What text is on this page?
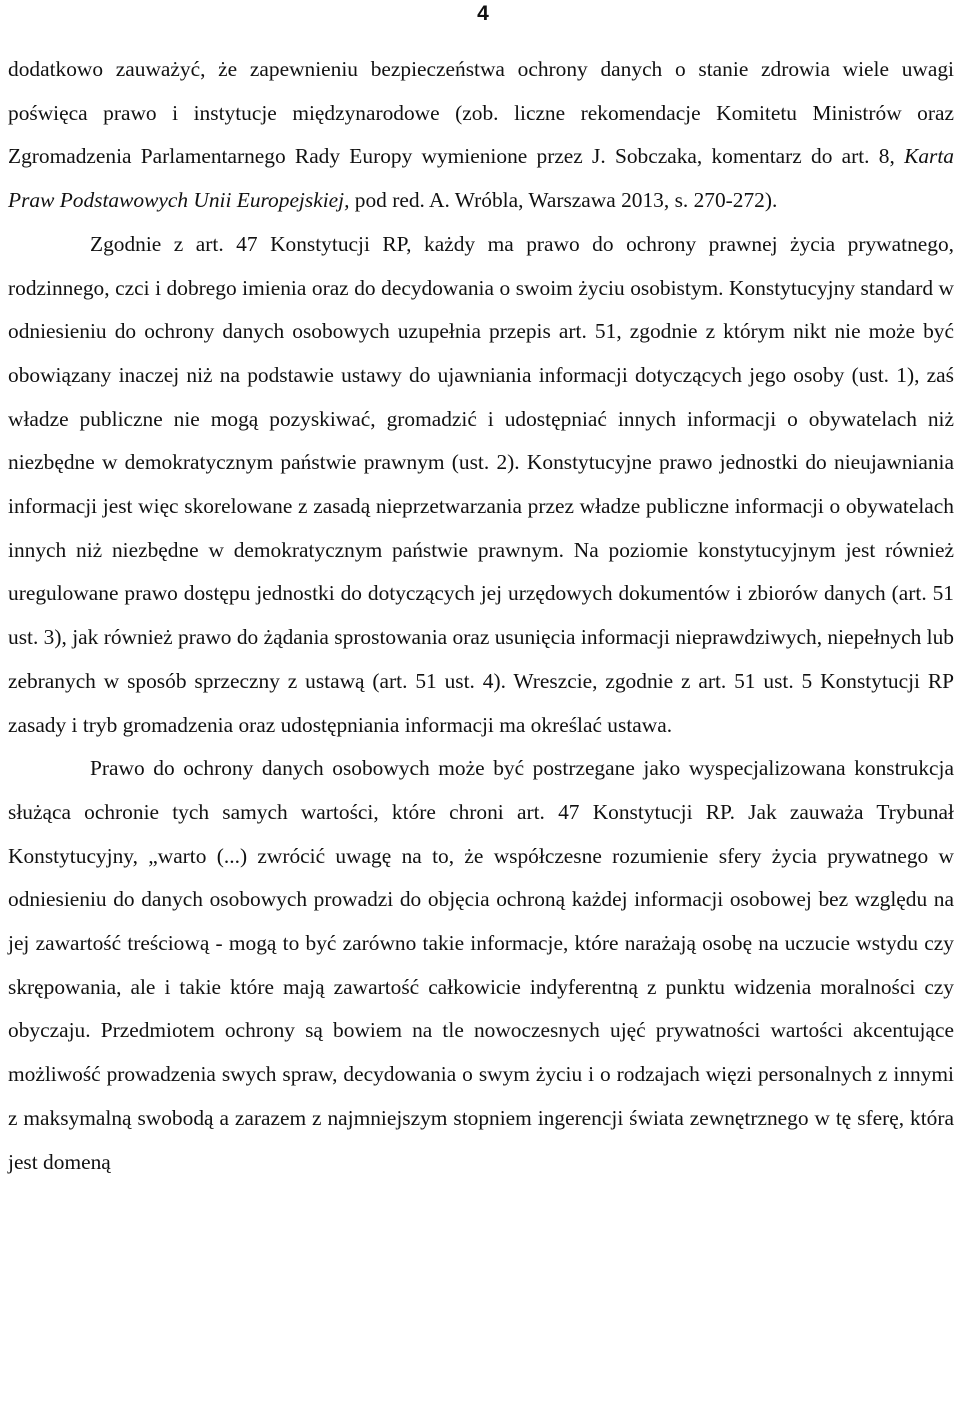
4

dodatkowo zauważyć, że zapewnieniu bezpieczeństwa ochrony danych o stanie zdrowia wiele uwagi poświęca prawo i instytucje międzynarodowe (zob. liczne rekomendacje Komitetu Ministrów oraz Zgromadzenia Parlamentarnego Rady Europy wymienione przez J. Sobczaka, komentarz do art. 8, Karta Praw Podstawowych Unii Europejskiej, pod red. A. Wróbla, Warszawa 2013, s. 270-272).

Zgodnie z art. 47 Konstytucji RP, każdy ma prawo do ochrony prawnej życia prywatnego, rodzinnego, czci i dobrego imienia oraz do decydowania o swoim życiu osobistym. Konstytucyjny standard w odniesieniu do ochrony danych osobowych uzupełnia przepis art. 51, zgodnie z którym nikt nie może być obowiązany inaczej niż na podstawie ustawy do ujawniania informacji dotyczących jego osoby (ust. 1), zaś władze publiczne nie mogą pozyskiwać, gromadzić i udostępniać innych informacji o obywatelach niż niezbędne w demokratycznym państwie prawnym (ust. 2). Konstytucyjne prawo jednostki do nieujawniania informacji jest więc skorelowane z zasadą nieprzetwarzania przez władze publiczne informacji o obywatelach innych niż niezbędne w demokratycznym państwie prawnym. Na poziomie konstytucyjnym jest również uregulowane prawo dostępu jednostki do dotyczących jej urzędowych dokumentów i zbiorów danych (art. 51 ust. 3), jak również prawo do żądania sprostowania oraz usunięcia informacji nieprawdziwych, niepełnych lub zebranych w sposób sprzeczny z ustawą (art. 51 ust. 4). Wreszcie, zgodnie z art. 51 ust. 5 Konstytucji RP zasady i tryb gromadzenia oraz udostępniania informacji ma określać ustawa.

Prawo do ochrony danych osobowych może być postrzegane jako wyspecjalizowana konstrukcja służąca ochronie tych samych wartości, które chroni art. 47 Konstytucji RP. Jak zauważa Trybunał Konstytucyjny, „warto (...) zwrócić uwagę na to, że współczesne rozumienie sfery życia prywatnego w odniesieniu do danych osobowych prowadzi do objęcia ochroną każdej informacji osobowej bez względu na jej zawartość treściową - mogą to być zarówno takie informacje, które narażają osobę na uczucie wstydu czy skrępowania, ale i takie które mają zawartość całkowicie indyferentną z punktu widzenia moralności czy obyczaju. Przedmiotem ochrony są bowiem na tle nowoczesnych ujęć prywatności wartości akcentujące możliwość prowadzenia swych spraw, decydowania o swym życiu i o rodzajach więzi personalnych z innymi z maksymalną swobodą a zarazem z najmniejszym stopniem ingerencji świata zewnętrznego w tę sferę, która jest domeną
